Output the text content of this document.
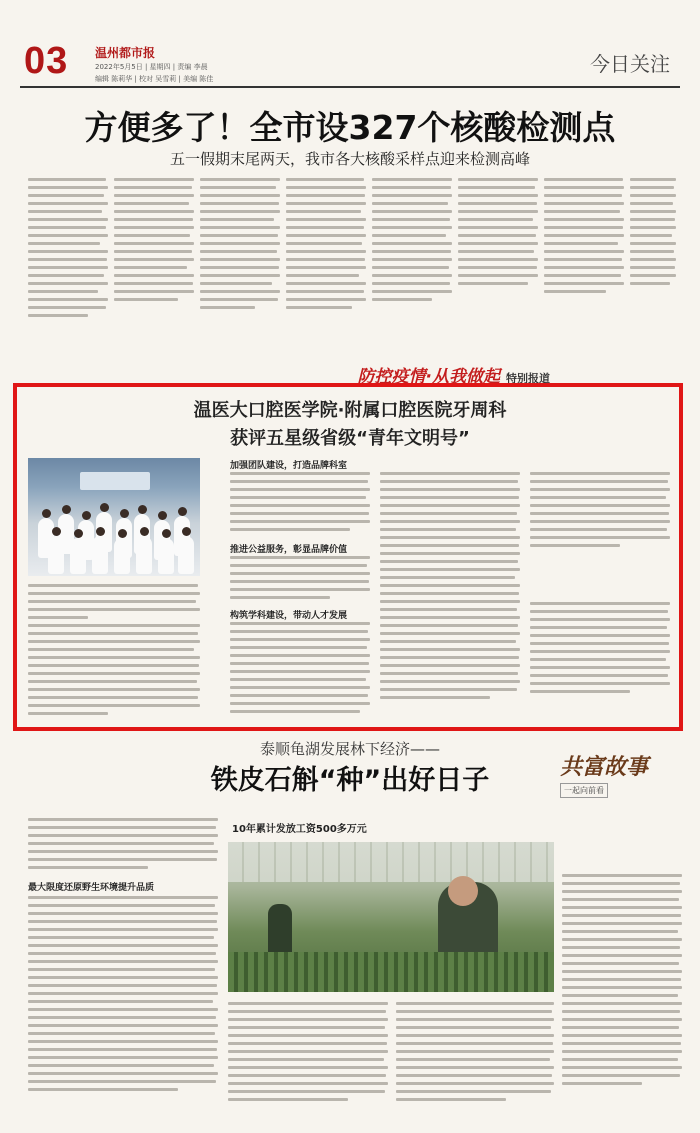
03 温州都市报
2022年5月5日 | 星期四 | 责编 李晨
编辑 陈莉华 | 校对 吴雪莉 | 美编 陈佳
今日关注
方便多了！全市设327个核酸检测点
五一假期末尾两天，我市各大核酸采样点迎来检测高峰
防控疫情·从我做起 特别报道
温医大口腔医学院·附属口腔医院牙周科
获评五星级省级“青年文明号”
加强团队建设，打造品牌科室
推进公益服务，彰显品牌价值
构筑学科建设，带动人才发展
泰顺龟湖发展林下经济——
铁皮石斛“种”出好日子
10年累计发放工资500多万元
共富故事
一起向前看
最大限度还原野生环境提升品质
